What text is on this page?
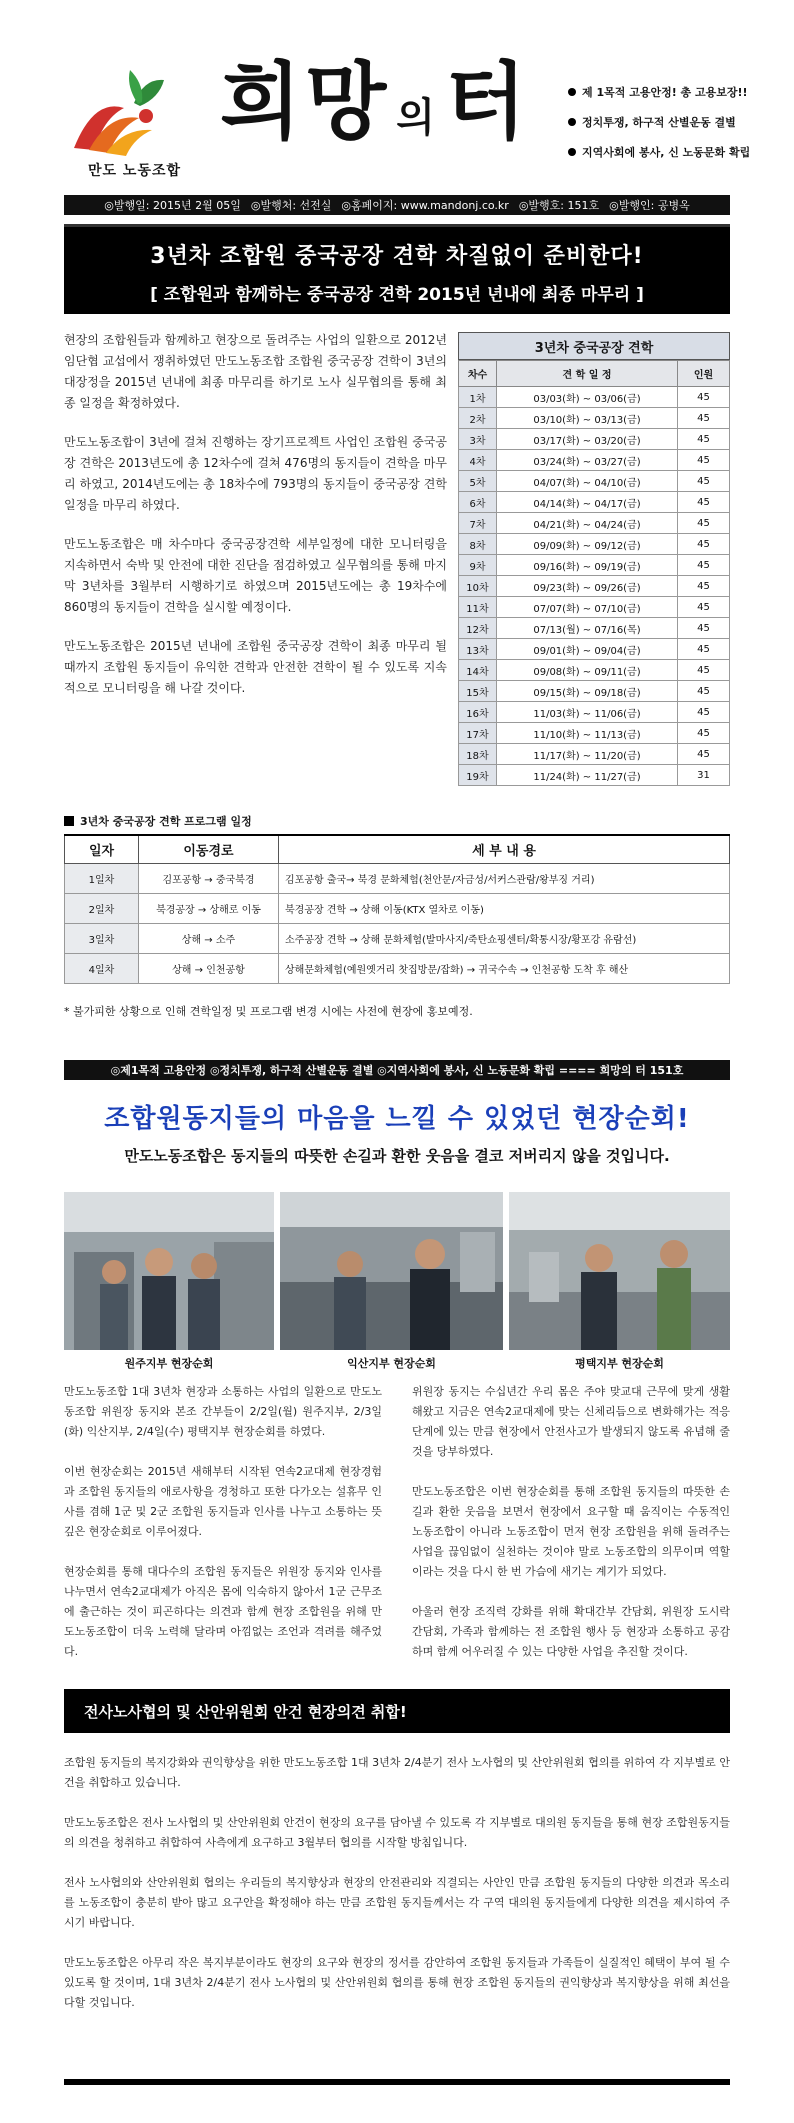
만도 노동조합
희망 의터	제 1목적 고용안정! 총 고용보장!!
정치투쟁, 하구적 산별운동 결별
지역사회에 봉사, 신 노동문화 확립
◎발행일: 2015년 2월 05일 ◎발행처: 선전실 ◎홈페이지: www.mandonj.co.kr ◎발행호: 151호 ◎발행인: 공병옥
3년차 조합원 중국공장 견학 차질없이 준비한다!
[ 조합원과 함께하는 중국공장 견학 2015년 년내에 최종 마무리 ]

현장의 조합원들과 함께하고 현장으로 돌려주는 사업의 일환으로 2012년 임단협 교섭에서 쟁취하였던 만도노동조합 조합원 중국공장 견학이 3년의 대장정을 2015년 년내에 최종 마무리를 하기로 노사 실무협의를 통해 최종 일정을 확정하였다.

만도노동조합이 3년에 걸쳐 진행하는 장기프로젝트 사업인 조합원 중국공장 견학은 2013년도에 총 12차수에 걸쳐 476명의 동지들이 견학을 마무리 하였고, 2014년도에는 총 18차수에 793명의 동지들이 중국공장 견학 일정을 마무리 하였다.

만도노동조합은 매 차수마다 중국공장견학 세부일정에 대한 모니터링을 지속하면서 숙박 및 안전에 대한 진단을 점검하였고 실무협의를 통해 마지막 3년차를 3월부터 시행하기로 하였으며 2015년도에는 총 19차수에 860명의 동지들이 견학을 실시할 예정이다.

만도노동조합은 2015년 년내에 조합원 중국공장 견학이 최종 마무리 될 때까지 조합원 동지들이 유익한 견학과 안전한 견학이 될 수 있도록 지속적으로 모니터링을 해 나갈 것이다.

3년차 중국공장 견학
차수	견 학 일 정	인원
1차	03/03(화) ~ 03/06(금)	45
2차	03/10(화) ~ 03/13(금)	45
3차	03/17(화) ~ 03/20(금)	45
4차	03/24(화) ~ 03/27(금)	45
5차	04/07(화) ~ 04/10(금)	45
6차	04/14(화) ~ 04/17(금)	45
7차	04/21(화) ~ 04/24(금)	45
8차	09/09(화) ~ 09/12(금)	45
9차	09/16(화) ~ 09/19(금)	45
10차	09/23(화) ~ 09/26(금)	45
11차	07/07(화) ~ 07/10(금)	45
12차	07/13(월) ~ 07/16(목)	45
13차	09/01(화) ~ 09/04(금)	45
14차	09/08(화) ~ 09/11(금)	45
15차	09/15(화) ~ 09/18(금)	45
16차	11/03(화) ~ 11/06(금)	45
17차	11/10(화) ~ 11/13(금)	45
18차	11/17(화) ~ 11/20(금)	45
19차	11/24(화) ~ 11/27(금)	31
3년차 중국공장 견학 프로그램 일정
일자	이동경로	세 부 내 용
1일차	김포공항 → 중국북경	김포공항 출국→ 북경 문화체험(천안문/자금성/서커스관람/왕부징 거리)
2일차	북경공장 → 상해로 이동	북경공장 견학 → 상해 이동(KTX 열차로 이동)
3일차	상해 → 소주	소주공장 견학 → 상해 문화체험(발마사지/죽탄쇼핑센터/확통시장/황포강 유람선)
4일차	상해 → 인천공항	상해문화체험(예원옛거리 찻집방문/잡화) → 귀국수속 → 인천공항 도착 후 해산
* 불가피한 상황으로 인해 견학일정 및 프로그램 변경 시에는 사전에 현장에 홍보예정.
◎제1목적 고용안정 ◎정치투쟁, 하구적 산별운동 결별 ◎지역사회에 봉사, 신 노동문화 확립 ==== 희망의 터 151호
조합원동지들의 마음을 느낄 수 있었던 현장순회!
만도노동조합은 동지들의 따뜻한 손길과 환한 웃음을 결코 저버리지 않을 것입니다.
원주지부 현장순회	익산지부 현장순회	평택지부 현장순회

만도노동조합 1대 3년차 현장과 소통하는 사업의 일환으로 만도노동조합 위원장 동지와 본조 간부들이 2/2일(월) 원주지부, 2/3일(화) 익산지부, 2/4일(수) 평택지부 현장순회를 하였다.

이번 현장순회는 2015년 새해부터 시작된 연속2교대제 현장경험과 조합원 동지들의 애로사항을 경청하고 또한 다가오는 설휴무 인사를 겸해 1군 및 2군 조합원 동지들과 인사를 나누고 소통하는 뜻깊은 현장순회로 이루어졌다.

현장순회를 통해 대다수의 조합원 동지들은 위원장 동지와 인사를 나누면서 연속2교대제가 아직은 몸에 익숙하지 않아서 1군 근무조에 출근하는 것이 피곤하다는 의견과 함께 현장 조합원을 위해 만도노동조합이 더욱 노력해 달라며 아낌없는 조언과 격려를 해주었다.

위원장 동지는 수십년간 우리 몸은 주야 맞교대 근무에 맞게 생활해왔고 지금은 연속2교대제에 맞는 신체리듬으로 변화해가는 적응단계에 있는 만큼 현장에서 안전사고가 발생되지 않도록 유념해 줄 것을 당부하였다.

만도노동조합은 이번 현장순회를 통해 조합원 동지들의 따뜻한 손길과 환한 웃음을 보면서 현장에서 요구할 때 움직이는 수동적인 노동조합이 아니라 노동조합이 먼저 현장 조합원을 위해 돌려주는 사업을 끊임없이 실천하는 것이야 말로 노동조합의 의무이며 역할이라는 것을 다시 한 번 가슴에 새기는 계기가 되었다.

아울러 현장 조직력 강화를 위해 확대간부 간담회, 위원장 도시락 간담회, 가족과 함께하는 전 조합원 행사 등 현장과 소통하고 공감하며 함께 어우러질 수 있는 다양한 사업을 추진할 것이다.

전사노사협의 및 산안위원회 안건 현장의견 취합!

조합원 동지들의 복지강화와 권익향상을 위한 만도노동조합 1대 3년차 2/4분기 전사 노사협의 및 산안위원회 협의를 위하여 각 지부별로 안건을 취합하고 있습니다.

만도노동조합은 전사 노사협의 및 산안위원회 안건이 현장의 요구를 담아낼 수 있도록 각 지부별로 대의원 동지들을 통해 현장 조합원동지들의 의견을 청취하고 취합하여 사측에게 요구하고 3월부터 협의를 시작할 방침입니다.

전사 노사협의와 산안위원회 협의는 우리들의 복지향상과 현장의 안전관리와 직결되는 사안인 만큼 조합원 동지들의 다양한 의견과 목소리를 노동조합이 충분히 받아 많고 요구안을 확정해야 하는 만큼 조합원 동지들께서는 각 구역 대의원 동지들에게 다양한 의견을 제시하여 주시기 바랍니다.

만도노동조합은 아무리 작은 복지부분이라도 현장의 요구와 현장의 정서를 감안하여 조합원 동지들과 가족들이 실질적인 혜택이 부여 될 수 있도록 할 것이며, 1대 3년차 2/4분기 전사 노사협의 및 산안위원회 협의를 통해 현장 조합원 동지들의 권익향상과 복지향상을 위해 최선을 다할 것입니다.
